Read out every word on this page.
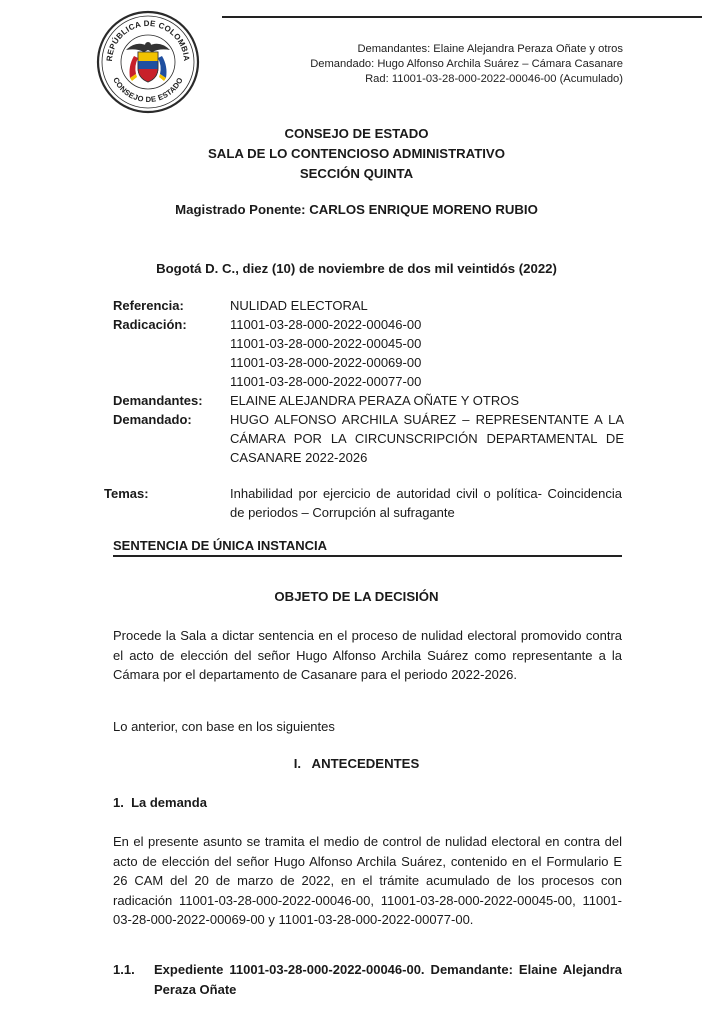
REPÚBLICA DE COLOMBIA
CONSEJO DE ESTADO
Demandantes: Elaine Alejandra Peraza Oñate y otros
Demandado: Hugo Alfonso Archila Suárez – Cámara Casanare
Rad: 11001-03-28-000-2022-00046-00 (Acumulado)
CONSEJO DE ESTADO
SALA DE LO CONTENCIOSO ADMINISTRATIVO
SECCIÓN QUINTA
Magistrado Ponente: CARLOS ENRIQUE MORENO RUBIO
Bogotá D. C., diez (10) de noviembre de dos mil veintidós (2022)
Referencia:	NULIDAD ELECTORAL
Radicación:	11001-03-28-000-2022-00046-00
11001-03-28-000-2022-00045-00
11001-03-28-000-2022-00069-00
11001-03-28-000-2022-00077-00
Demandantes:	ELAINE ALEJANDRA PERAZA OÑATE Y OTROS
Demandado:	HUGO ALFONSO ARCHILA SUÁREZ – REPRESENTANTE A LA CÁMARA POR LA CIRCUNSCRIPCIÓN DEPARTAMENTAL DE CASANARE 2022-2026
Temas:	Inhabilidad por ejercicio de autoridad civil o política- Coincidencia de periodos – Corrupción al sufragante
SENTENCIA DE ÚNICA INSTANCIA
OBJETO DE LA DECISIÓN
Procede la Sala a dictar sentencia en el proceso de nulidad electoral promovido contra el acto de elección del señor Hugo Alfonso Archila Suárez como representante a la Cámara por el departamento de Casanare para el periodo 2022-2026.
Lo anterior, con base en los siguientes
I.   ANTECEDENTES
1.  La demanda
En el presente asunto se tramita el medio de control de nulidad electoral en contra del acto de elección del señor Hugo Alfonso Archila Suárez, contenido en el Formulario E 26 CAM del 20 de marzo de 2022, en el trámite acumulado de los procesos con radicación 11001-03-28-000-2022-00046-00, 11001-03-28-000-2022-00045-00, 11001-03-28-000-2022-00069-00 y 11001-03-28-000-2022-00077-00.
1.1. Expediente 11001-03-28-000-2022-00046-00. Demandante: Elaine Alejandra Peraza Oñate
